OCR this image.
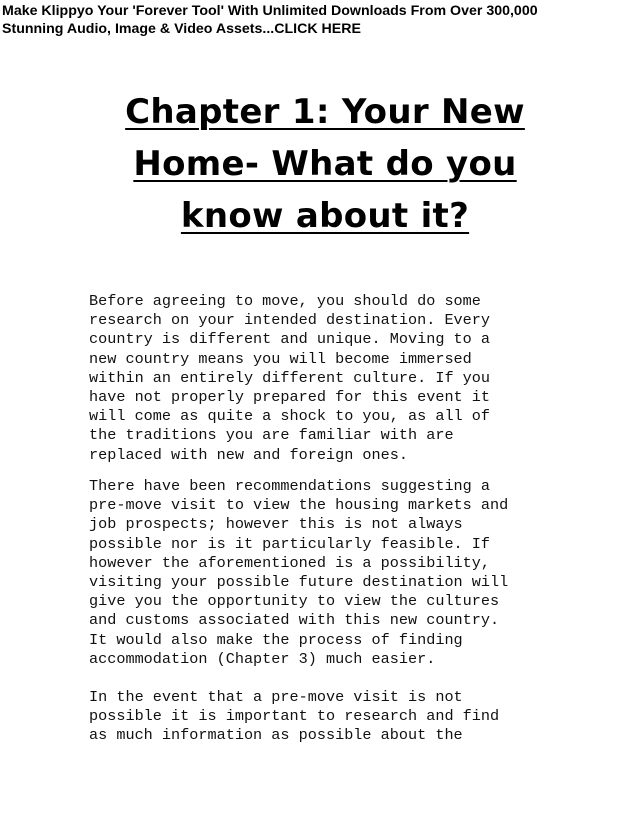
Make Klippyo Your 'Forever Tool' With Unlimited Downloads From Over 300,000
Stunning Audio, Image & Video Assets...CLICK HERE
Chapter 1: Your New
Home- What do you
know about it?

Before agreeing to move, you should do some
research on your intended destination. Every
country is different and unique. Moving to a
new country means you will become immersed
within an entirely different culture. If you
have not properly prepared for this event it
will come as quite a shock to you, as all of
the traditions you are familiar with are
replaced with new and foreign ones.

There have been recommendations suggesting a
pre-move visit to view the housing markets and
job prospects; however this is not always
possible nor is it particularly feasible. If
however the aforementioned is a possibility,
visiting your possible future destination will
give you the opportunity to view the cultures
and customs associated with this new country.
It would also make the process of finding
accommodation (Chapter 3) much easier.

In the event that a pre-move visit is not
possible it is important to research and find
as much information as possible about the
